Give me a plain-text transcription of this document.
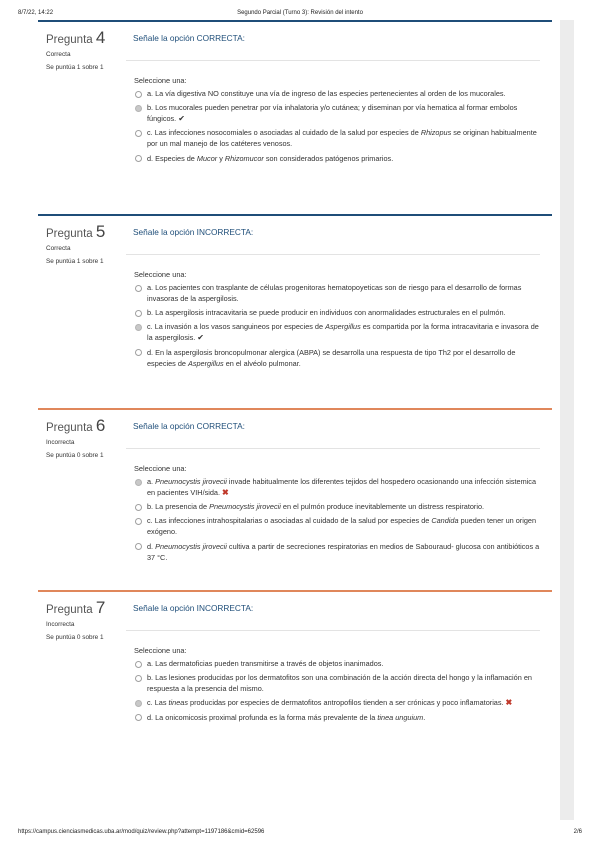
8/7/22, 14:22	Segundo Parcial (Turno 3): Revisión del intento
Pregunta 4
Correcta
Se puntúa 1 sobre 1
Señale la opción CORRECTA:
Seleccione una:
a. La vía digestiva NO constituye una vía de ingreso de las especies pertenecientes al orden de los mucorales.
b. Los mucorales pueden penetrar por vía inhalatoria y/o cutánea; y diseminan por vía hematica al formar embolos fúngicos. ✔
c. Las infecciones nosocomiales o asociadas al cuidado de la salud por especies de Rhizopus se originan habitualmente por un mal manejo de los catéteres venosos.
d. Especies de Mucor y Rhizomucor son considerados patógenos primarios.
Pregunta 5
Correcta
Se puntúa 1 sobre 1
Señale la opción INCORRECTA:
Seleccione una:
a. Los pacientes con trasplante de células progenitoras hematopoyeticas son de riesgo para el desarrollo de formas invasoras de la aspergilosis.
b. La aspergilosis intracavitaria se puede producir en individuos con anormalidades estructurales en el pulmón.
c. La invasión a los vasos sanguineos por especies de Aspergillus es compartida por la forma intracavitaria e invasora de la aspergilosis. ✔
d. En la aspergilosis broncopulmonar alergica (ABPA) se desarrolla una respuesta de tipo Th2 por el desarrollo de especies de Aspergillus en el alvéolo pulmonar.
Pregunta 6
Incorrecta
Se puntúa 0 sobre 1
Señale la opción CORRECTA:
Seleccione una:
a. Pneumocystis jirovecii invade habitualmente los diferentes tejidos del hospedero ocasionando una infección sistemica en pacientes VIH/sida. ✖
b. La presencia de Pneumocystis jirovecii en el pulmón produce inevitablemente un distress respiratorio.
c. Las infecciones intrahospitalarias o asociadas al cuidado de la salud por especies de Candida pueden tener un origen exógeno.
d. Pneumocystis jirovecii cultiva a partir de secreciones respiratorias en medios de Sabouraud- glucosa con antibióticos a 37 °C.
Pregunta 7
Incorrecta
Se puntúa 0 sobre 1
Señale la opción INCORRECTA:
Seleccione una:
a. Las dermatoficias pueden transmitirse a través de objetos inanimados.
b. Las lesiones producidas por los dermatofitos son una combinación de la acción directa del hongo y la inflamación en respuesta a la presencia del mismo.
c. Las tineas producidas por especies de dermatofitos antropofilos tienden a ser crónicas y poco inflamatorias. ✖
d. La onicomicosis proximal profunda es la forma más prevalente de la tinea unguium.
https://campus.cienciasmedicas.uba.ar/mod/quiz/review.php?attempt=1197186&cmid=62596	2/6
